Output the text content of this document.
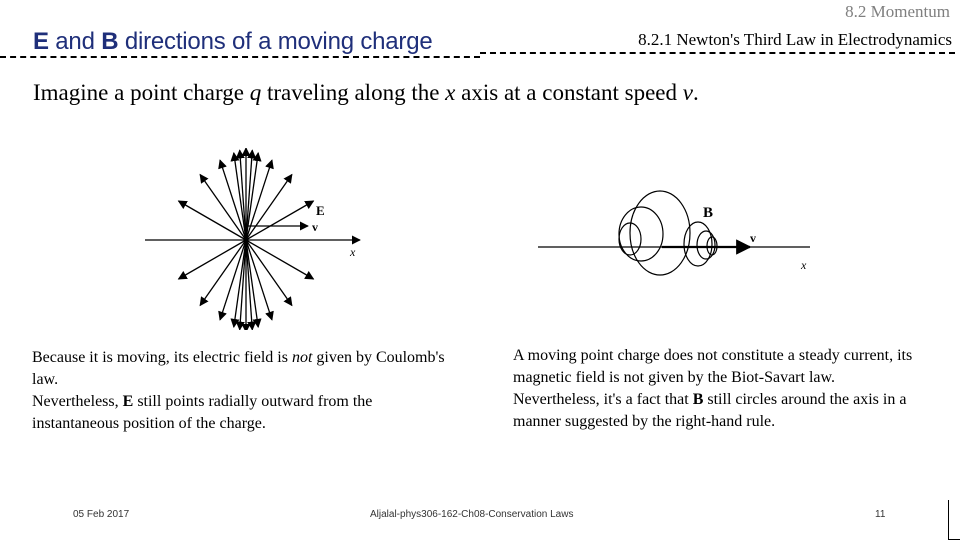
8.2 Momentum
8.2.1 Newton's Third Law in Electrodynamics
E and B directions of a moving charge
Imagine a point charge q traveling along the x axis at a constant speed v.
E
v
x
B
v
x
Because it is moving, its electric field is not given by Coulomb's law.
Nevertheless, E still points radially outward from the instantaneous position of the charge.
A moving point charge does not constitute a steady current, its magnetic field is not given by the Biot-Savart law.
Nevertheless, it's a fact that B still circles around the axis in a manner suggested by the right-hand rule.
05 Feb 2017	Aljalal-phys306-162-Ch08-Conservation Laws	11
